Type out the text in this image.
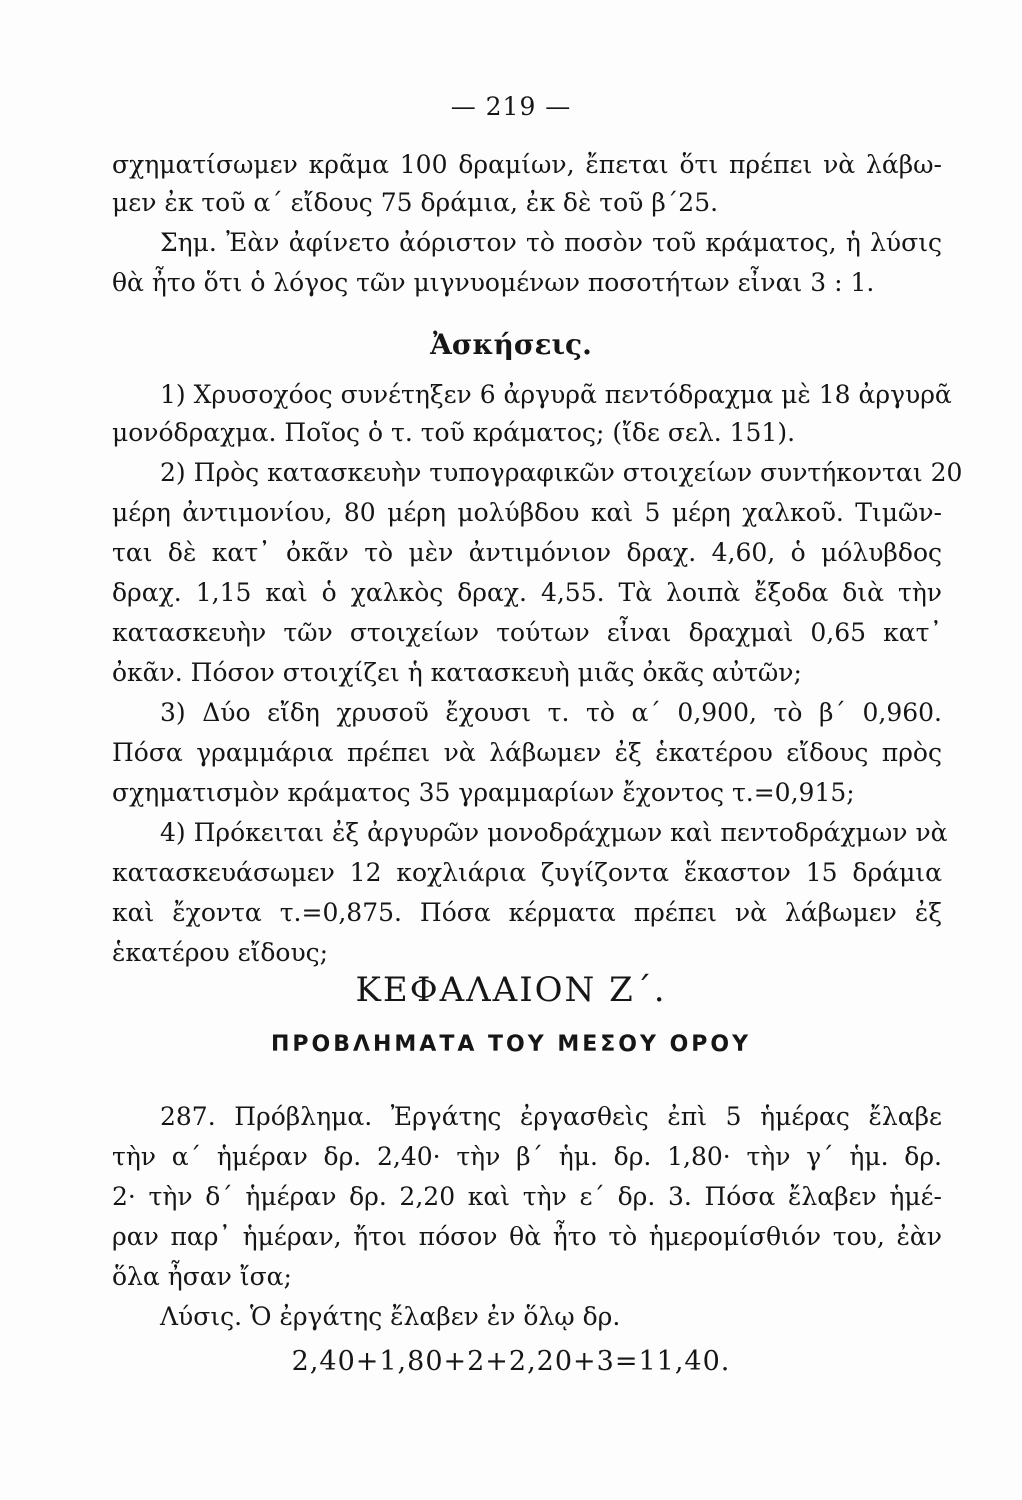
— 219 —
σχηματίσωμεν κρᾶμα 100 δραμίων, ἔπεται ὅτι πρέπει νὰ λάβω-
μεν ἐκ τοῦ α΄ εἴδους 75 δράμια, ἐκ δὲ τοῦ β΄25.
Σημ. Ἐὰν ἀφίνετο ἀόριστον τὸ ποσὸν τοῦ κράματος, ἡ λύσις
θὰ ἦτο ὅτι ὁ λόγος τῶν μιγνυομένων ποσοτήτων εἶναι 3 : 1.
Ἀσκήσεις.
1) Χρυσοχόος συνέτηξεν 6 ἀργυρᾶ πεντόδραχμα μὲ 18 ἀργυρᾶ
μονόδραχμα. Ποῖος ὁ τ. τοῦ κράματος; (ἴδε σελ. 151).
2) Πρὸς κατασκευὴν τυπογραφικῶν στοιχείων συντήκονται 20
μέρη ἀντιμονίου, 80 μέρη μολύβδου καὶ 5 μέρη χαλκοῦ. Τιμῶν-
ται δὲ κατ᾿ ὀκᾶν τὸ μὲν ἀντιμόνιον δραχ. 4,60, ὁ μόλυβδος
δραχ. 1,15 καὶ ὁ χαλκὸς δραχ. 4,55. Τὰ λοιπὰ ἔξοδα διὰ τὴν
κατασκευὴν τῶν στοιχείων τούτων εἶναι δραχμαὶ 0,65 κατ᾿
ὀκᾶν. Πόσον στοιχίζει ἡ κατασκευὴ μιᾶς ὀκᾶς αὐτῶν;
3) Δύο εἴδη χρυσοῦ ἔχουσι τ. τὸ α΄ 0,900, τὸ β΄ 0,960.
Πόσα γραμμάρια πρέπει νὰ λάβωμεν ἐξ ἑκατέρου εἴδους πρὸς
σχηματισμὸν κράματος 35 γραμμαρίων ἔχοντος τ.=0,915;
4) Πρόκειται ἐξ ἀργυρῶν μονοδράχμων καὶ πεντοδράχμων νὰ
κατασκευάσωμεν 12 κοχλιάρια ζυγίζοντα ἕκαστον 15 δράμια
καὶ ἔχοντα τ.=0,875. Πόσα κέρματα πρέπει νὰ λάβωμεν ἐξ
ἑκατέρου εἴδους;
ΚΕΦΑΛΑΙΟΝ Ζ΄.
ΠΡΟΒΛΗΜΑΤΑ ΤΟΥ ΜΕΣΟΥ ΟΡΟΥ
287. Πρόβλημα. Ἐργάτης ἐργασθεὶς ἐπὶ 5 ἡμέρας ἔλαβε
τὴν α΄ ἡμέραν δρ. 2,40· τὴν β΄ ἡμ. δρ. 1,80· τὴν γ΄ ἡμ. δρ.
2· τὴν δ΄ ἡμέραν δρ. 2,20 καὶ τὴν ε΄ δρ. 3. Πόσα ἔλαβεν ἡμέ-
ραν παρ᾿ ἡμέραν, ἤτοι πόσον θὰ ἦτο τὸ ἡμερομίσθιόν του, ἐὰν
ὅλα ἦσαν ἴσα;
Λύσις. Ὁ ἐργάτης ἔλαβεν ἐν ὅλῳ δρ.
2,40+1,80+2+2,20+3=11,40.
